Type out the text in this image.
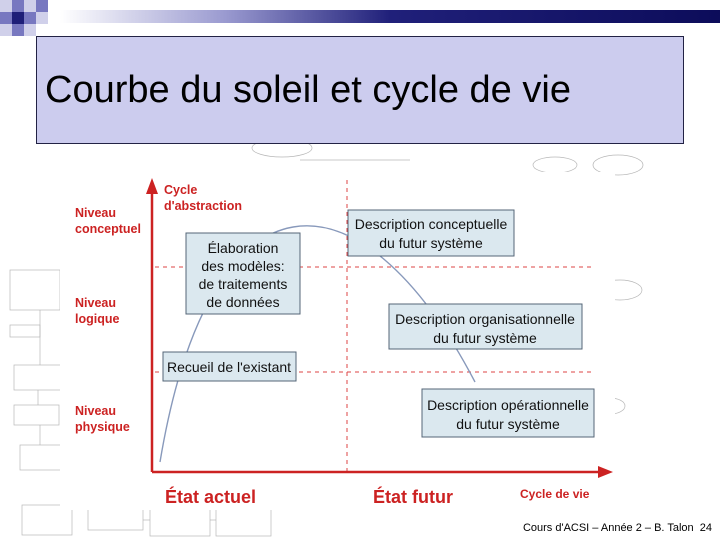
Courbe du soleil et cycle de vie
Cycle
d'abstraction
Niveau
conceptuel
Niveau
logique
Niveau
physique
État actuel	État futur	Cycle de vie
Élaboration
des modèles:
de traitements
de données
Recueil de l'existant
Description conceptuelle
du futur système
Description organisationnelle
du futur système
Description opérationnelle
du futur système
Cours d'ACSI – Année 2 – B. Talon 24
